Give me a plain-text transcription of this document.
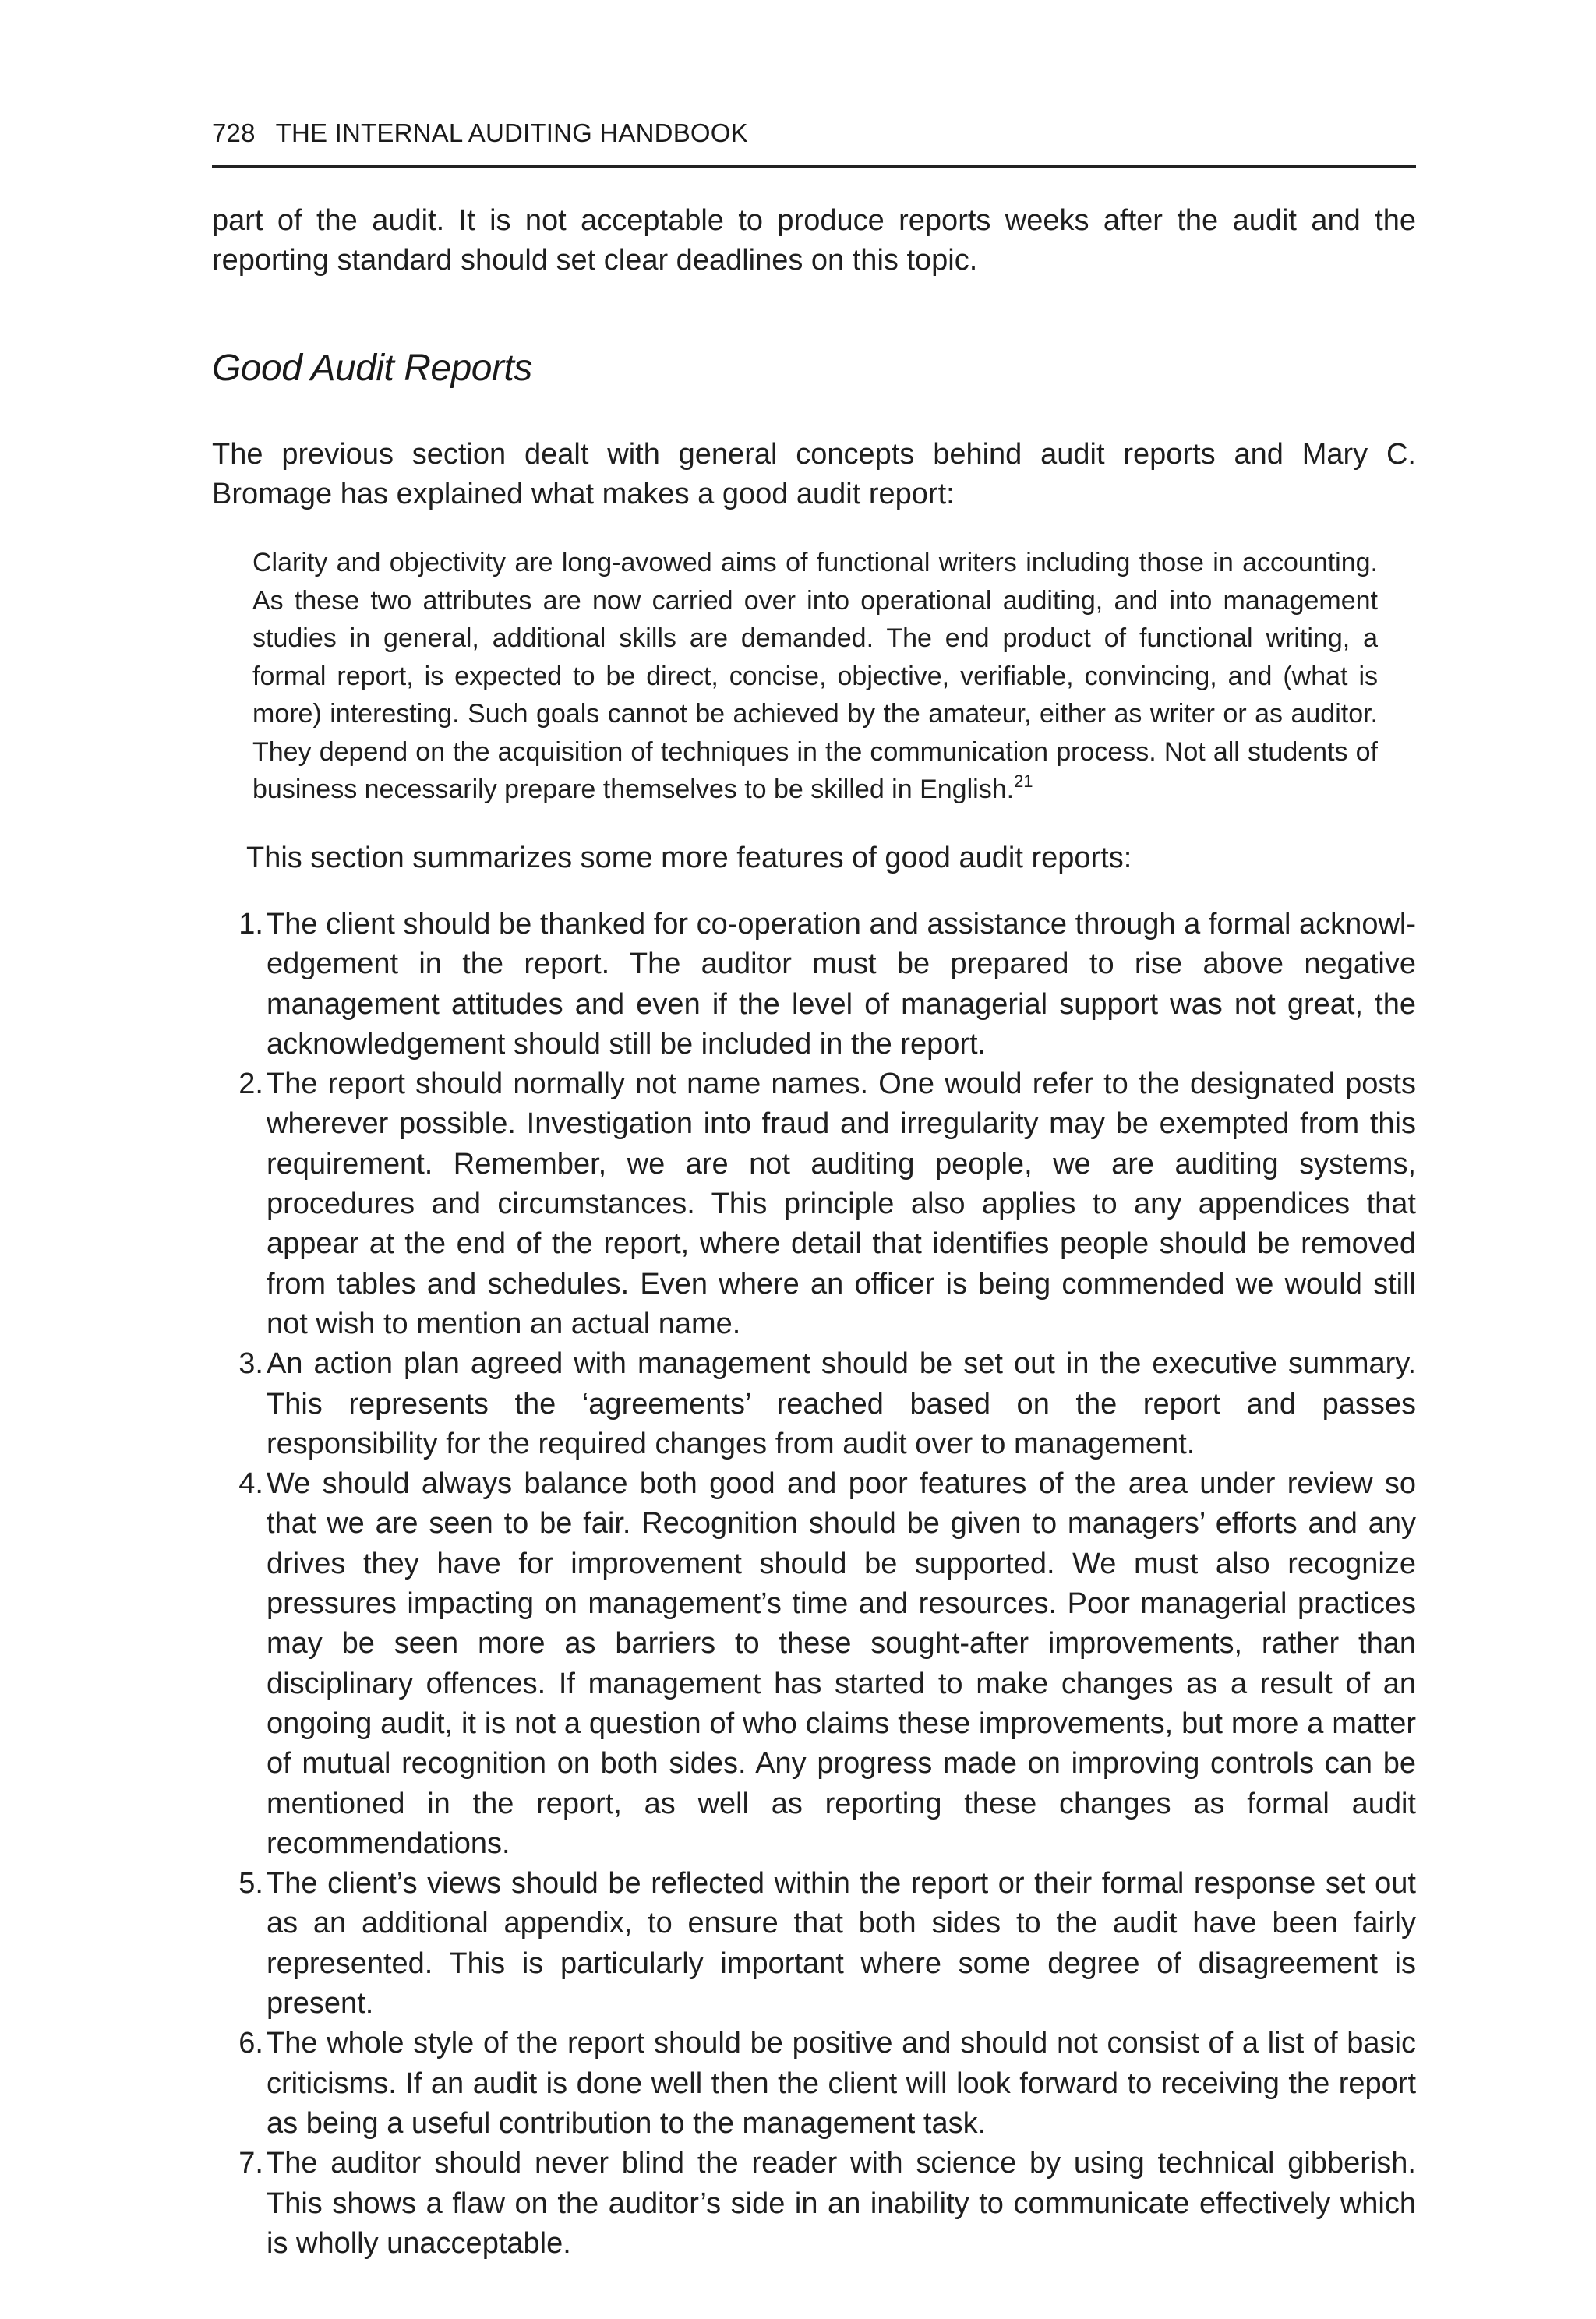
728 THE INTERNAL AUDITING HANDBOOK

part of the audit. It is not acceptable to produce reports weeks after the audit and the reporting standard should set clear deadlines on this topic.

Good Audit Reports

The previous section dealt with general concepts behind audit reports and Mary C. Bromage has explained what makes a good audit report:

Clarity and objectivity are long-avowed aims of functional writers including those in accounting. As these two attributes are now carried over into operational auditing, and into management studies in general, additional skills are demanded. The end product of functional writing, a formal report, is expected to be direct, concise, objective, verifiable, convincing, and (what is more) interesting. Such goals cannot be achieved by the amateur, either as writer or as auditor. They depend on the acquisition of techniques in the communication process. Not all students of business necessarily prepare themselves to be skilled in English.$^{21}$

This section summarizes some more features of good audit reports:

1. The client should be thanked for co-operation and assistance through a formal acknowl-edgement in the report. The auditor must be prepared to rise above negative management attitudes and even if the level of managerial support was not great, the acknowledgement should still be included in the report.
2. The report should normally not name names. One would refer to the designated posts wherever possible. Investigation into fraud and irregularity may be exempted from this requirement. Remember, we are not auditing people, we are auditing systems, procedures and circumstances. This principle also applies to any appendices that appear at the end of the report, where detail that identifies people should be removed from tables and schedules. Even where an officer is being commended we would still not wish to mention an actual name.
3. An action plan agreed with management should be set out in the executive summary. This represents the ‘agreements’ reached based on the report and passes responsibility for the required changes from audit over to management.
4. We should always balance both good and poor features of the area under review so that we are seen to be fair. Recognition should be given to managers’ efforts and any drives they have for improvement should be supported. We must also recognize pressures impacting on management’s time and resources. Poor managerial practices may be seen more as barriers to these sought-after improvements, rather than disciplinary offences. If management has started to make changes as a result of an ongoing audit, it is not a question of who claims these improvements, but more a matter of mutual recognition on both sides. Any progress made on improving controls can be mentioned in the report, as well as reporting these changes as formal audit recommendations.
5. The client’s views should be reflected within the report or their formal response set out as an additional appendix, to ensure that both sides to the audit have been fairly represented. This is particularly important where some degree of disagreement is present.
6. The whole style of the report should be positive and should not consist of a list of basic criticisms. If an audit is done well then the client will look forward to receiving the report as being a useful contribution to the management task.
7. The auditor should never blind the reader with science by using technical gibberish. This shows a flaw on the auditor’s side in an inability to communicate effectively which is wholly unacceptable.
